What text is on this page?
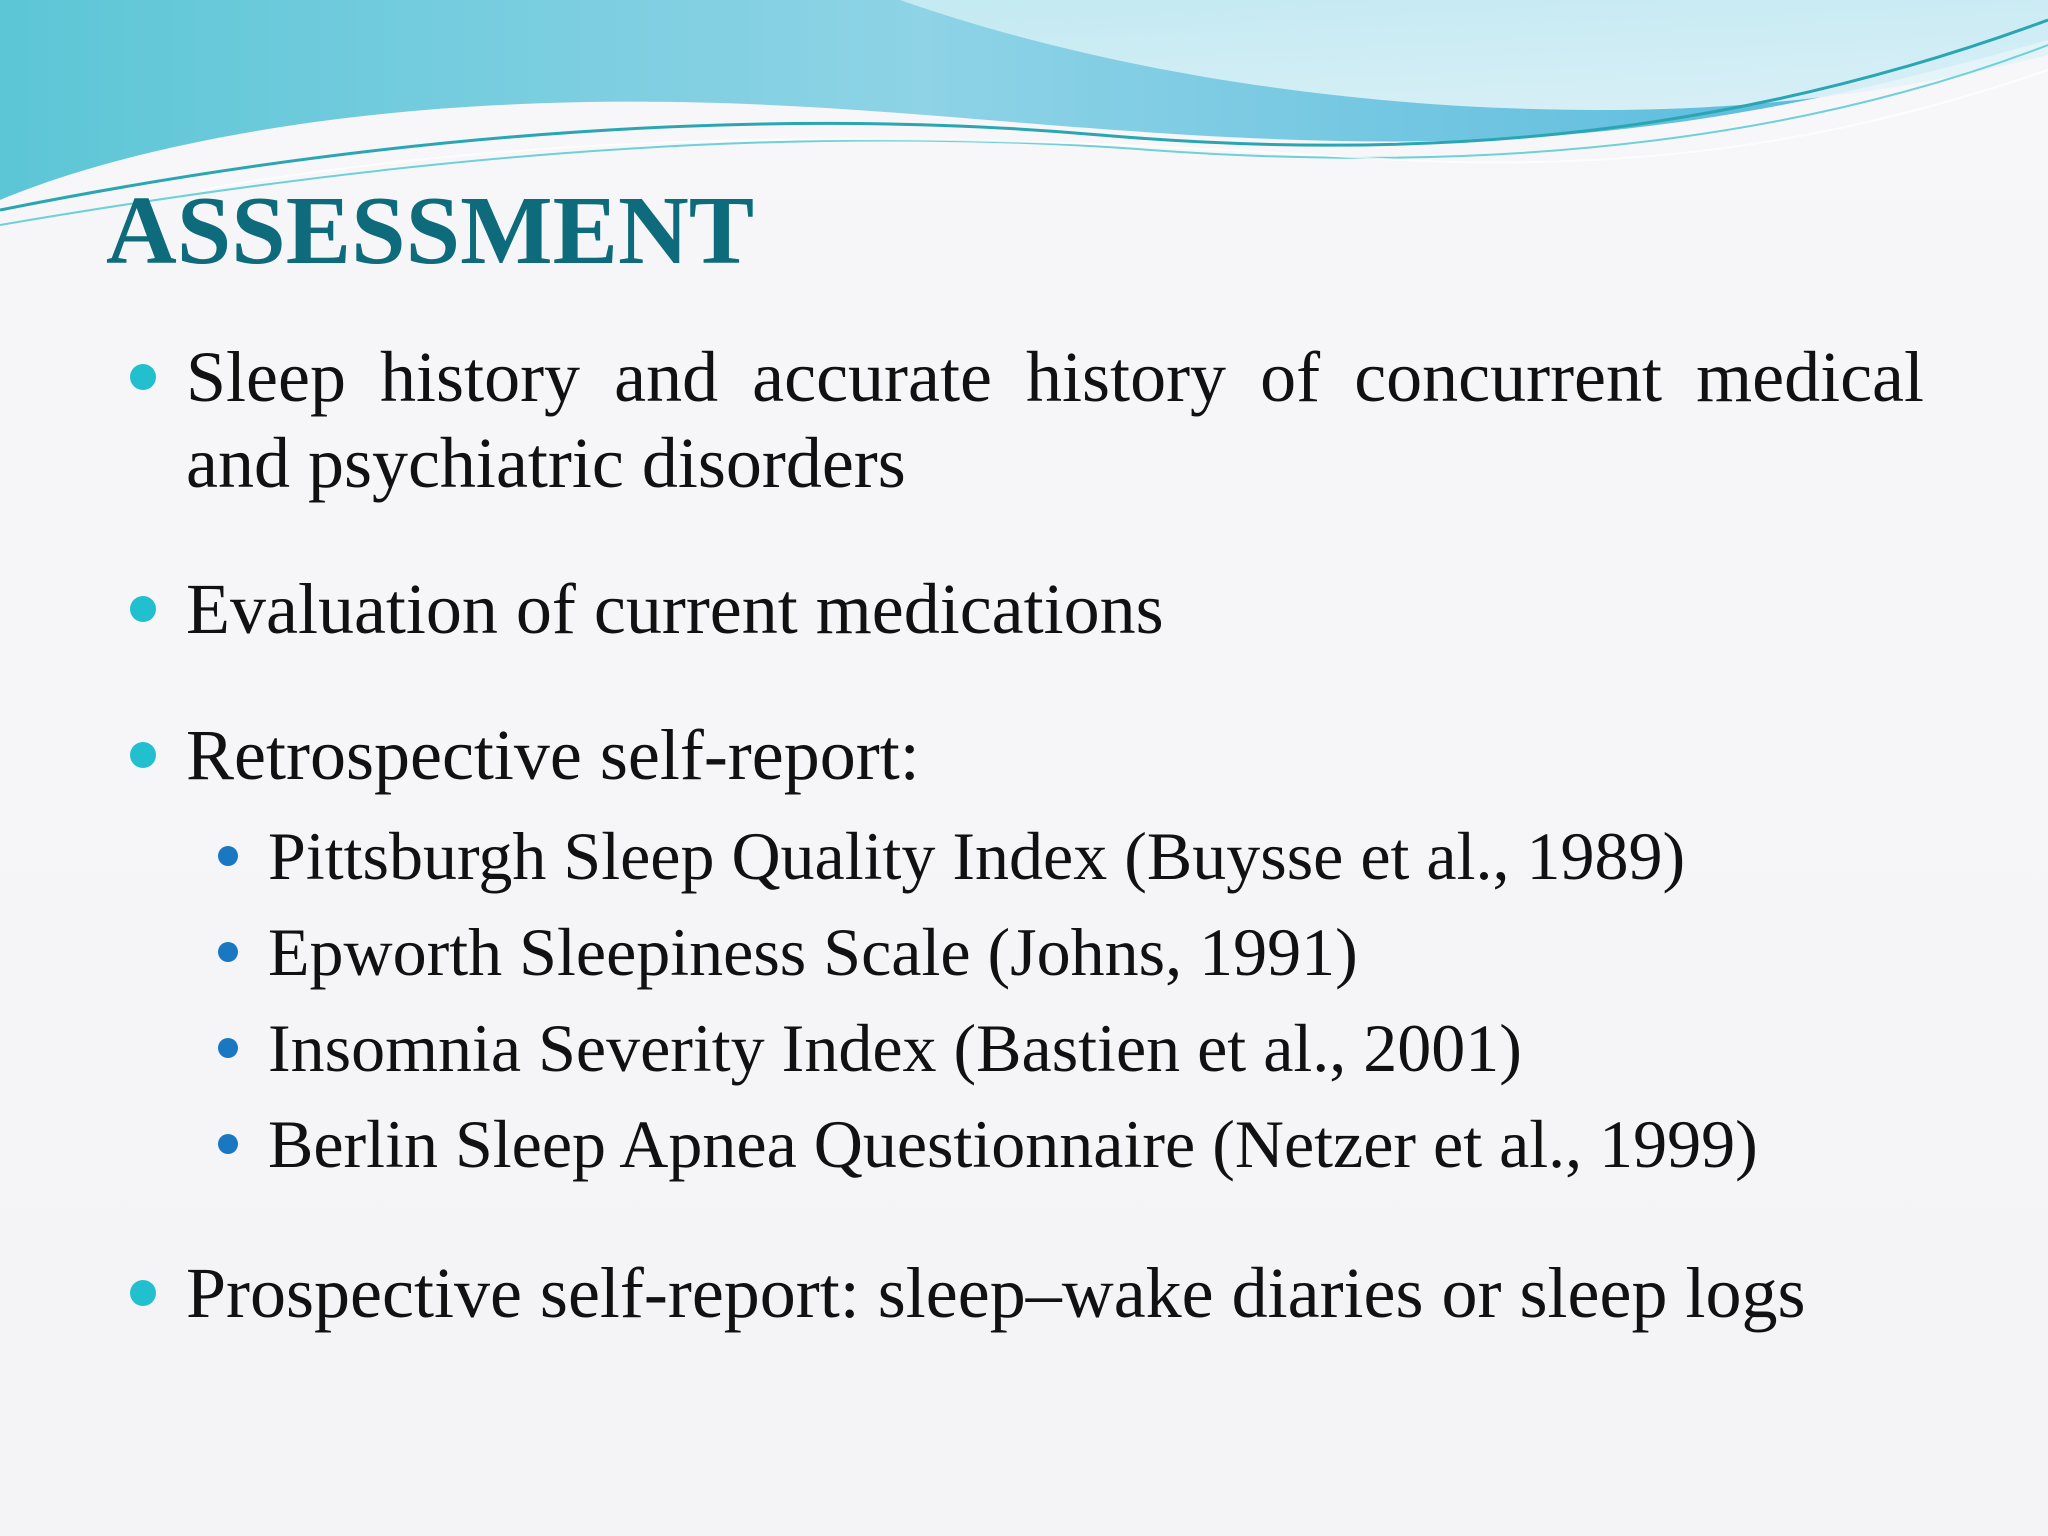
ASSESSMENT
Sleep history and accurate history of concurrent medical and psychiatric disorders
Evaluation of current medications
Retrospective self-report:
Pittsburgh Sleep Quality Index (Buysse et al., 1989)
Epworth Sleepiness Scale (Johns, 1991)
Insomnia Severity Index (Bastien et al., 2001)
Berlin Sleep Apnea Questionnaire (Netzer et al., 1999)
Prospective self-report: sleep–wake diaries or sleep logs
